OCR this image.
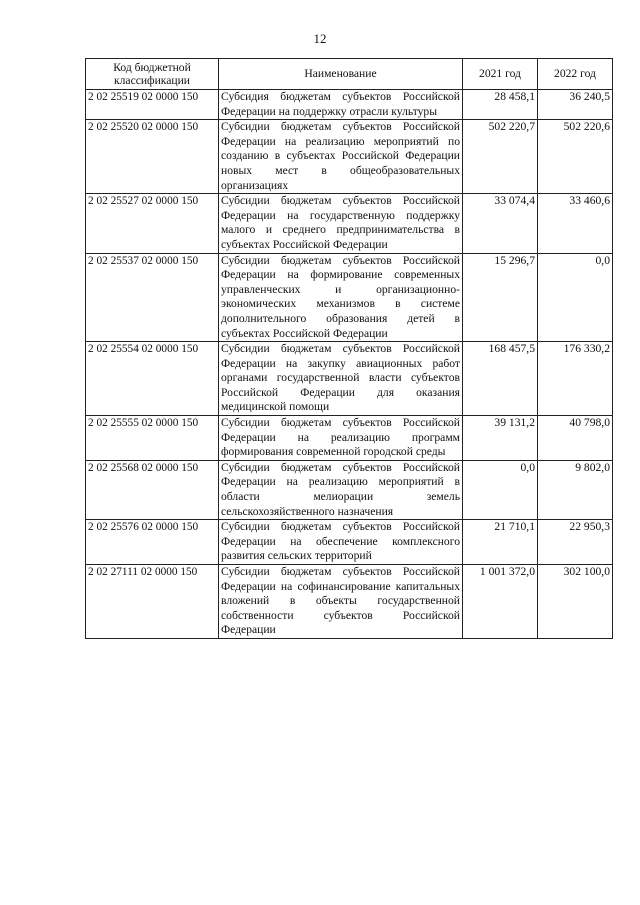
12
Код бюджетной классификации	Наименование	2021 год	2022 год
2 02 25519 02 0000 150	Субсидия бюджетам субъектов Российской Федерации на поддержку отрасли культуры	28 458,1	36 240,5
2 02 25520 02 0000 150	Субсидии бюджетам субъектов Российской Федерации на реализацию мероприятий по созданию в субъектах Российской Федерации новых мест в общеобразовательных организациях	502 220,7	502 220,6
2 02 25527 02 0000 150	Субсидии бюджетам субъектов Российской Федерации на государственную поддержку малого и среднего предпринимательства в субъектах Российской Федерации	33 074,4	33 460,6
2 02 25537 02 0000 150	Субсидии бюджетам субъектов Российской Федерации на формирование современных управленческих и организационно-экономических механизмов в системе дополнительного образования детей в субъектах Российской Федерации	15 296,7	0,0
2 02 25554 02 0000 150	Субсидии бюджетам субъектов Российской Федерации на закупку авиационных работ органами государственной власти субъектов Российской Федерации для оказания медицинской помощи	168 457,5	176 330,2
2 02 25555 02 0000 150	Субсидии бюджетам субъектов Российской Федерации на реализацию программ формирования современной городской среды	39 131,2	40 798,0
2 02 25568 02 0000 150	Субсидии бюджетам субъектов Российской Федерации на реализацию мероприятий в области мелиорации земель сельскохозяйственного назначения	0,0	9 802,0
2 02 25576 02 0000 150	Субсидии бюджетам субъектов Российской Федерации на обеспечение комплексного развития сельских территорий	21 710,1	22 950,3
2 02 27111 02 0000 150	Субсидии бюджетам субъектов Российской Федерации на софинансирование капитальных вложений в объекты государственной собственности субъектов Российской Федерации	1 001 372,0	302 100,0
